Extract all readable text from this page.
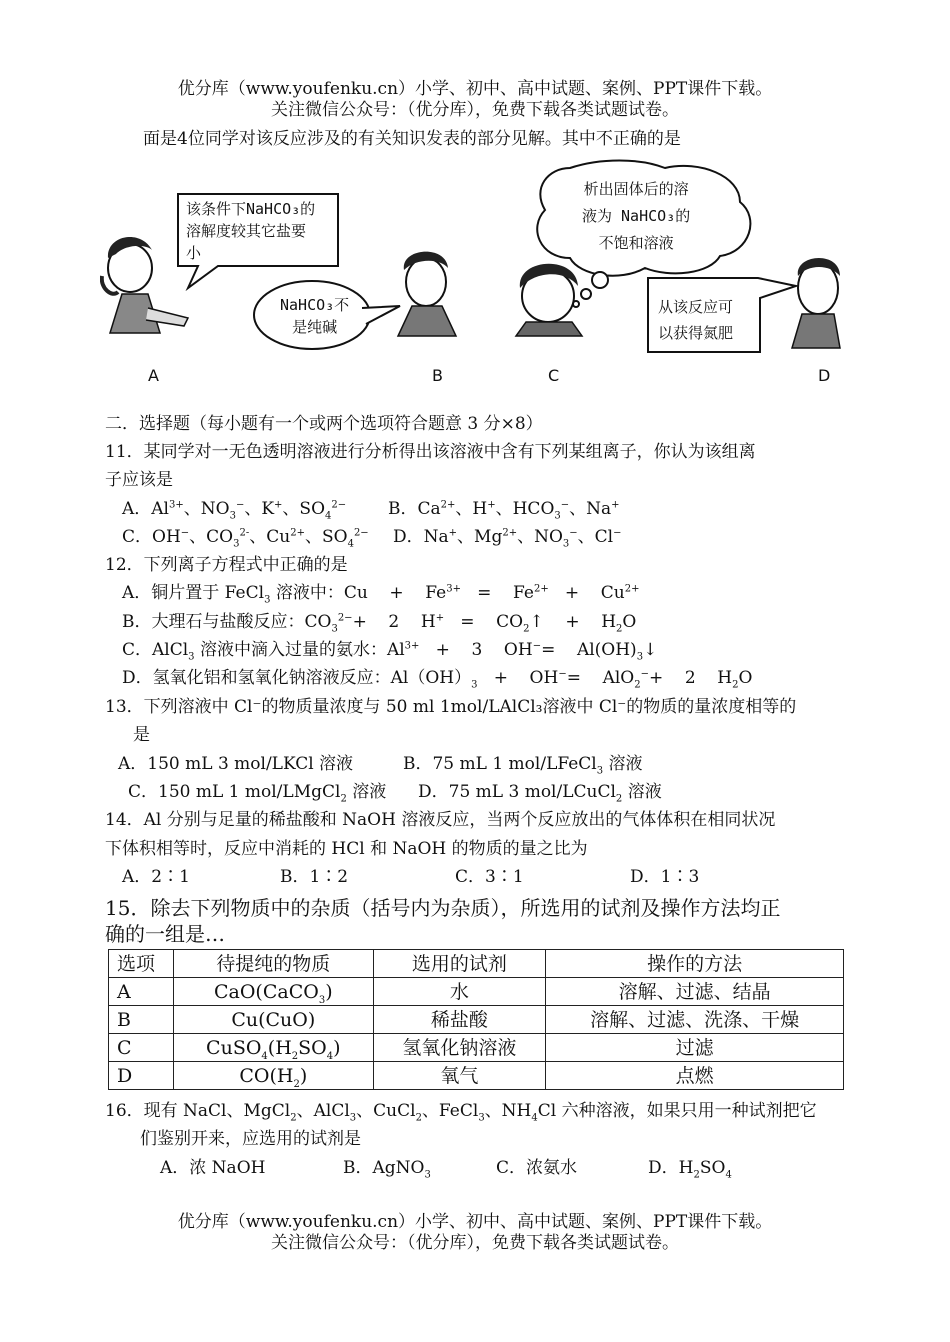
优分库（www.youfenku.cn）小学、初中、高中试题、案例、PPT课件下载。
关注微信公众号：（优分库），免费下载各类试题试卷。
面是4位同学对该反应涉及的有关知识发表的部分见解。其中不正确的是
该条件下NaHCO₃的
溶解度较其它盐要
小
NaHCO₃不
是纯碱
析出固体后的溶
液为 NaHCO₃的
不饱和溶液
从该反应可
以获得氮肥
A	B	C	D
二．选择题（每小题有一个或两个选项符合题意 3 分×8）
11．某同学对一无色透明溶液进行分析得出该溶液中含有下列某组离子，你认为该组离
子应该是
A．$Al^{3+}$、$NO_3^-$、K+、$SO_4^{2-}$ B．$Ca^{2+}$、H+、$HCO_3^-$、Na+
C．OH−、$CO_3^{2-}$、$Cu^{2+}$、$SO_4^{2-}$ D．Na+、$Mg^{2+}$、$NO_3^-$、Cl−
12．下列离子方程式中正确的是
A．铜片置于 FeCl$_3$ 溶液中：Cu    +    $Fe^{3+}$   =    $Fe^{2+}$   +    $Cu^{2+}$
B．大理石与盐酸反应：$CO_3^{2-}+$    2    H+   =    $CO_2↑$    +    $H_2O$
C．AlCl$_3$ 溶液中滴入过量的氨水：$Al^{3+}$   +    3    OH−=    $Al(OH)_3↓$
D．氢氧化铝和氢氧化钠溶液反应：$Al(OH)_3$   +    OH−=    AlO$_2$−+    2    $H_2O$
13．下列溶液中 Cl⁻的物质量浓度与 50 ml 1mol/LAlCl₃溶液中 Cl⁻的物质的量浓度相等的
是
A．150 mL 3 mol/LKCl 溶液	B．75 mL 1 mol/LFeCl$_3$ 溶液
C．150 mL 1 mol/LMgCl$_2$ 溶液 D．75 mL 3 mol/LCuCl$_2$ 溶液
14．Al 分别与足量的稀盐酸和 NaOH 溶液反应，当两个反应放出的气体体积在相同状况
下体积相等时，反应中消耗的 HCl 和 NaOH 的物质的量之比为
A．2∶1	B．1∶2	C．3∶1	D．1∶3
15．除去下列物质中的杂质（括号内为杂质），所选用的试剂及操作方法均正
确的一组是…
选项	待提纯的物质	选用的试剂	操作的方法
A	CaO(CaCO$_3$)	水	溶解、过滤、结晶
B	Cu(CuO)	稀盐酸	溶解、过滤、洗涤、干燥
C	$CuSO_4(H_2SO_4)$	氢氧化钠溶液	过滤
D	$CO(H_2)$	氧气	点燃
16．现有 NaCl、MgCl$_2$、AlCl$_3$、CuCl$_2$、FeCl$_3$、$NH_4Cl$ 六种溶液，如果只用一种试剂把它
们鉴别开来，应选用的试剂是
A．浓 NaOH	B．AgNO$_3$	C．浓氨水	D．$H_2SO_4$
优分库（www.youfenku.cn）小学、初中、高中试题、案例、PPT课件下载。
关注微信公众号：（优分库），免费下载各类试题试卷。
